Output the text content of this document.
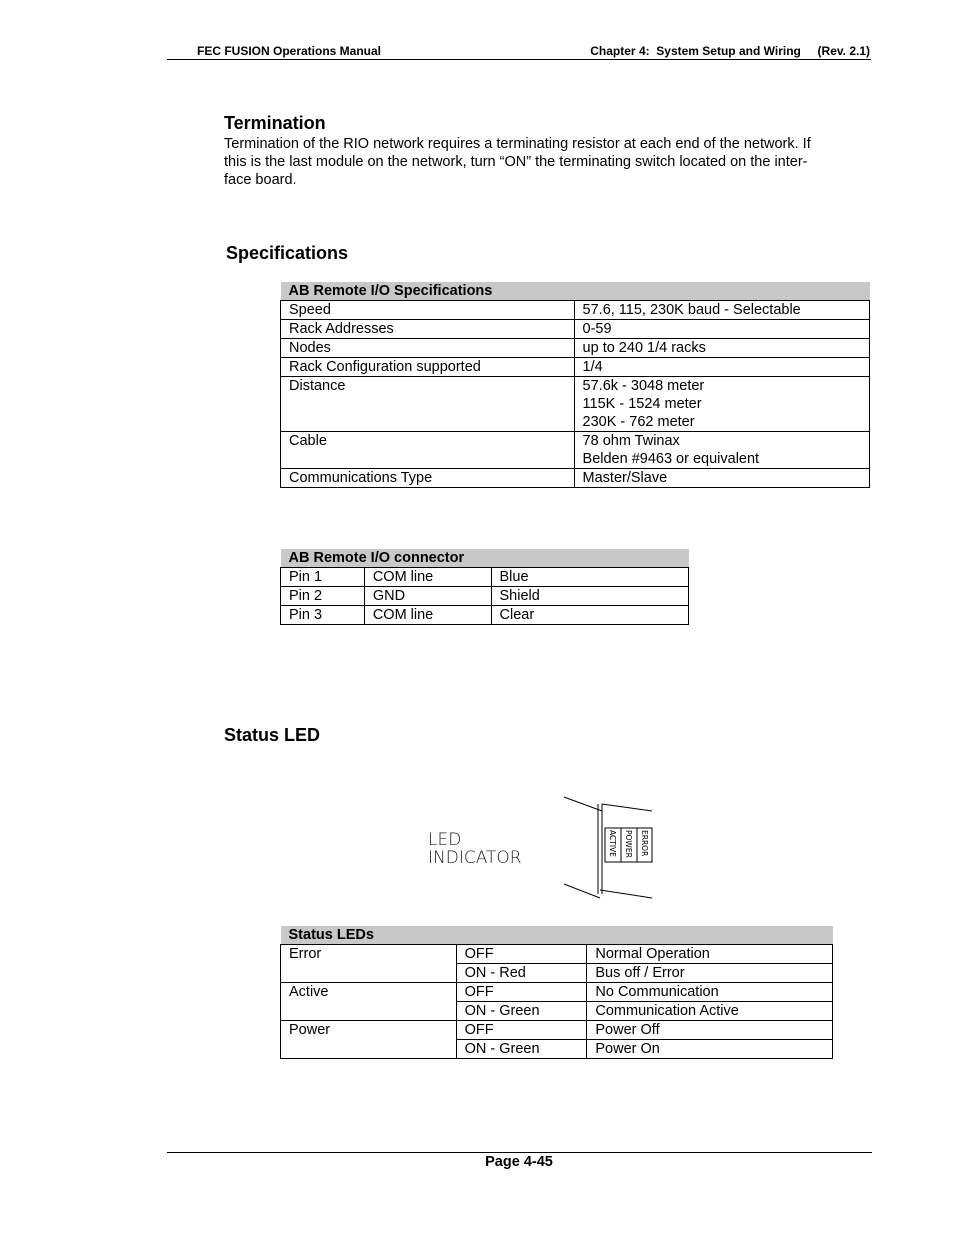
FEC FUSION Operations Manual	Chapter 4:  System Setup and Wiring     (Rev. 2.1)
Termination
Termination of the RIO network requires a terminating resistor at each end of the network. If
this is the last module on the network, turn “ON” the terminating switch located on the inter-
face board.
Specifications
AB Remote I/O Specifications	
Speed	57.6, 115, 230K baud - Selectable

Rack Addresses	0-59

Nodes	up to 240 1/4 racks

Rack Configuration supported	1/4

Distance	57.6k - 3048 meter
115K - 1524 meter
230K - 762 meter

Cable	78 ohm Twinax
Belden #9463 or equivalent

Communications Type	Master/Slave
AB Remote I/O connector		
Pin 1	COM line	Blue
Pin 2	GND	Shield
Pin 3	COM line	Clear
Status LED
LED
INDICATOR
ACTIVE POWER ERROR
Status LEDs		
Error	OFF	Normal Operation
	ON - Red	Bus off / Error
Active	OFF	No Communication
	ON - Green	Communication Active
Power	OFF	Power Off
	ON - Green	Power On
Page 4-45
